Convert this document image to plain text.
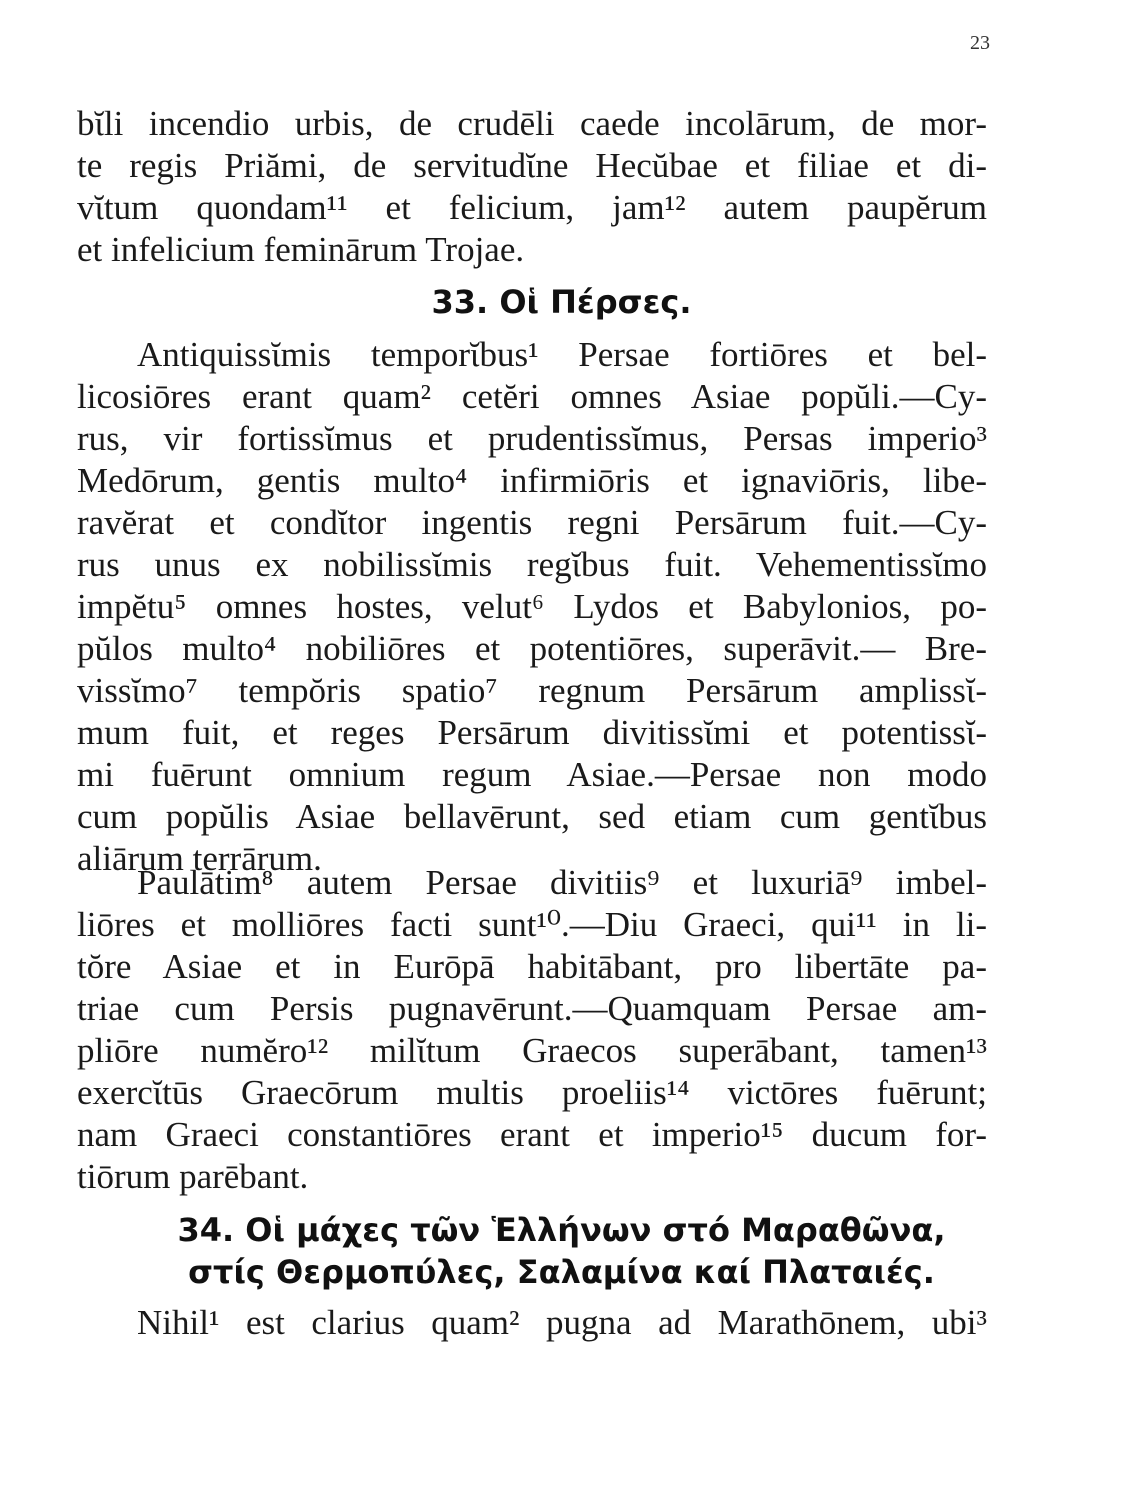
23
bῐli incendio urbis, de crudēli caede incolārum, de mor-
te regis Priămi, de servitudῐne Hecŭbae et filiae et di-
vῐtum quondam¹¹ et felicium, jam¹² autem paupĕrum
et infelicium feminārum Trojae.
33. Οἱ Πέρσες.
Antiquissῐmis temporῐbus¹ Persae fortiōres et bel-
licosiōres erant quam² cetĕri omnes Asiae popŭli.—Cy-
rus, vir fortissῐmus et prudentissῐmus, Persas imperio³
Medōrum, gentis multo⁴ infirmiōris et ignaviōris, libe-
ravĕrat et condῐtor ingentis regni Persārum fuit.—Cy-
rus unus ex nobilissῐmis regῐbus fuit. Vehementissῐmo
impĕtu⁵ omnes hostes, velut⁶ Lydos et Babylonios, po-
pŭlos multo⁴ nobiliōres et potentiōres, superāvit.— Bre-
vissῐmo⁷ tempŏris spatio⁷ regnum Persārum amplissῐ-
mum fuit, et reges Persārum divitissῐmi et potentissῐ-
mi fuērunt omnium regum Asiae.—Persae non modo
cum popŭlis Asiae bellavērunt, sed etiam cum gentῐbus
aliārum terrārum.
Paulātim⁸ autem Persae divitiis⁹ et luxuriā⁹ imbel-
liōres et molliōres facti sunt¹⁰.—Diu Graeci, qui¹¹ in li-
tŏre Asiae et in Eurōpā habitābant, pro libertāte pa-
triae cum Persis pugnavērunt.—Quamquam Persae am-
pliōre numĕro¹² milῐtum Graecos superābant, tamen¹³
exercῐtūs Graecōrum multis proeliis¹⁴ victōres fuērunt;
nam Graeci constantiōres erant et imperio¹⁵ ducum for-
tiōrum parēbant.
34. Οἱ μάχες τῶν Ἑλλήνων στό Μαραθῶνα,
στίς Θερμοπύλες, Σαλαμίνα καί Πλαταιές.
Nihil¹ est clarius quam² pugna ad Marathōnem, ubi³
